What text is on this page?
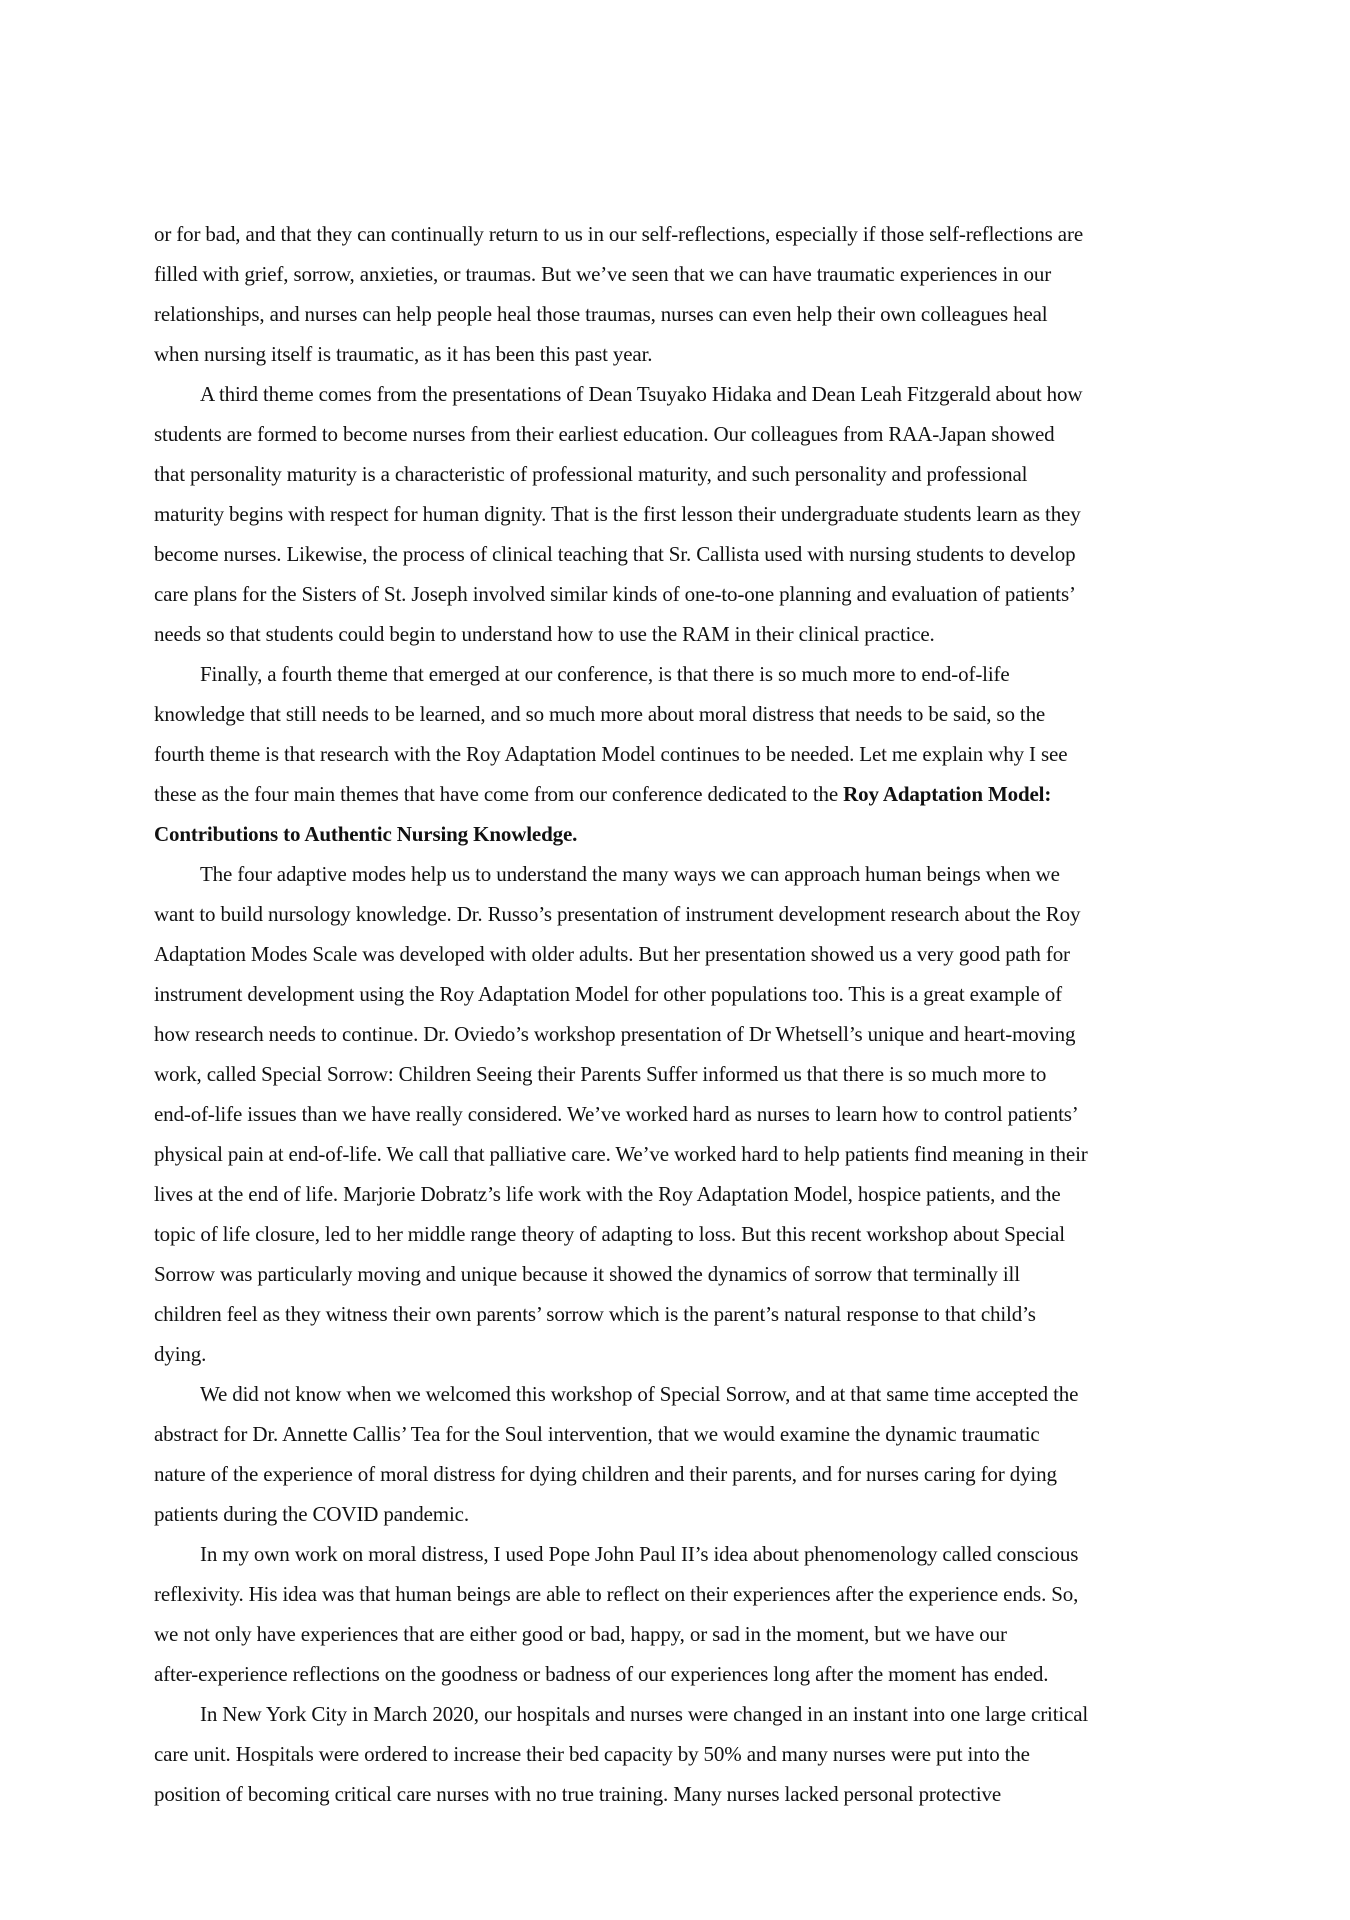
or for bad, and that they can continually return to us in our self-reflections, especially if those self-reflections are
filled with grief, sorrow, anxieties, or traumas. But we’ve seen that we can have traumatic experiences in our
relationships, and nurses can help people heal those traumas, nurses can even help their own colleagues heal
when nursing itself is traumatic, as it has been this past year.

A third theme comes from the presentations of Dean Tsuyako Hidaka and Dean Leah Fitzgerald about how
students are formed to become nurses from their earliest education. Our colleagues from RAA-Japan showed
that personality maturity is a characteristic of professional maturity, and such personality and professional
maturity begins with respect for human dignity. That is the first lesson their undergraduate students learn as they
become nurses. Likewise, the process of clinical teaching that Sr. Callista used with nursing students to develop
care plans for the Sisters of St. Joseph involved similar kinds of one-to-one planning and evaluation of patients’
needs so that students could begin to understand how to use the RAM in their clinical practice.

Finally, a fourth theme that emerged at our conference, is that there is so much more to end-of-life
knowledge that still needs to be learned, and so much more about moral distress that needs to be said, so the
fourth theme is that research with the Roy Adaptation Model continues to be needed. Let me explain why I see
these as the four main themes that have come from our conference dedicated to the Roy Adaptation Model:
Contributions to Authentic Nursing Knowledge.

The four adaptive modes help us to understand the many ways we can approach human beings when we
want to build nursology knowledge. Dr. Russo’s presentation of instrument development research about the Roy
Adaptation Modes Scale was developed with older adults. But her presentation showed us a very good path for
instrument development using the Roy Adaptation Model for other populations too. This is a great example of
how research needs to continue. Dr. Oviedo’s workshop presentation of Dr Whetsell’s unique and heart-moving
work, called Special Sorrow: Children Seeing their Parents Suffer informed us that there is so much more to
end-of-life issues than we have really considered. We’ve worked hard as nurses to learn how to control patients’
physical pain at end-of-life. We call that palliative care. We’ve worked hard to help patients find meaning in their
lives at the end of life. Marjorie Dobratz’s life work with the Roy Adaptation Model, hospice patients, and the
topic of life closure, led to her middle range theory of adapting to loss. But this recent workshop about Special
Sorrow was particularly moving and unique because it showed the dynamics of sorrow that terminally ill
children feel as they witness their own parents’ sorrow which is the parent’s natural response to that child’s
dying.

We did not know when we welcomed this workshop of Special Sorrow, and at that same time accepted the
abstract for Dr. Annette Callis’ Tea for the Soul intervention, that we would examine the dynamic traumatic
nature of the experience of moral distress for dying children and their parents, and for nurses caring for dying
patients during the COVID pandemic.

In my own work on moral distress, I used Pope John Paul II’s idea about phenomenology called conscious
reflexivity. His idea was that human beings are able to reflect on their experiences after the experience ends. So,
we not only have experiences that are either good or bad, happy, or sad in the moment, but we have our
after-experience reflections on the goodness or badness of our experiences long after the moment has ended.

In New York City in March 2020, our hospitals and nurses were changed in an instant into one large critical
care unit. Hospitals were ordered to increase their bed capacity by 50% and many nurses were put into the
position of becoming critical care nurses with no true training. Many nurses lacked personal protective
